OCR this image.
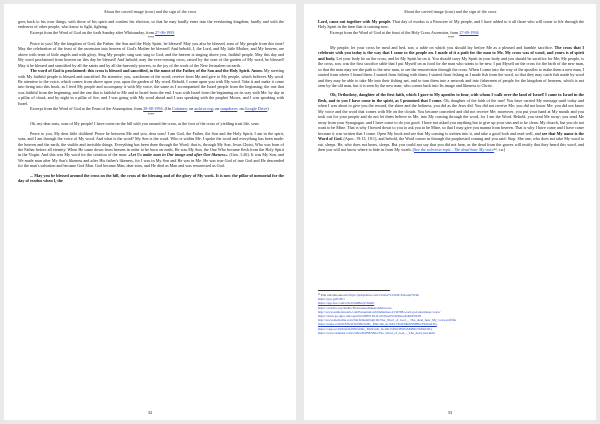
About the carved image (icon) and the sign of the cross

goes back to his own things, with those of his spirit and crushes his election, so that he may hardly enter into the everlasting kingdom; hardly and with the endeavor of other people, who know to fight, fighting.

Excerpt from the Word of God on the forth Sunday after Whitsunday, from 27-06-1993

***

Peace to you! My the kingdom of God, the Father, the Son and the Holy Spirit, be blessed! May you also be blessed, sons of My people from this time! May the celebration of the feast of the ascension into heaven of God's Mother be blessed! And behold, I, the Lord, and My little Mother, and My heaven, are above with tents of little angels and with glory. Sing My people; sing son; sing to God; and the heaven is singing above you, faithful people. May this day and My word proclaimed from heaven on this day be blessed! And behold, may the ever-coming cross, raised by the sons of the garden of My word, be blessed! May it be blessed and sanctified by all the saints and by all the heavenly powers, to the joy of the work of the New Jerusalem on earth.

The word of God is proclaimed: this cross is blessed and sanctified, in the name of the Father, of the Son and the Holy Spirit. Amen. My meeting with My faithful people is blessed and sanctified. Be attentive, you, watchmen of the word; receive from Me and give to My people, which believes My word. Be attentive to the voice, which comes from above upon you, upon the garden of My word. Behold, I come upon you with My word. Take it and make it come into being into this book, as I feed My people and accompany it with My voice, the same as I accompanied the Israel people from the beginning; the one that was faithful from the beginning, and the one that is faithful to Me and to Israel from the end. I was with Israel from the beginning on its way with Me: by day in a pillar of cloud, and by night in a pillar of fire, and I was going with My word ahead and I was speaking with the prophet Moses, and I was speaking with Israel.

Excerpt from the Word of God at the Feast of the Assumption, from 28-08-1994. (On Calameo; on archive.org; on sunpdrave; on Google Drive)

***

Oh, my dear sons, sons of My people! I have come on the hill with you around the cross, at the foot of the cross of yielding trust life, sons.

Peace to you, My dear little children! Peace be between Me and you, dear sons! I am God, the Father, the Son and the Holy Spirit; I am in the spirit, sons, and I am through the voice of My word. And what is the word? My Son is the word. Who is within Me. I spoke the word and everything has been made: the heaven and the earth, the visible and invisible things. Everything has been done through the Word, that is, through My Son, Jesus Christ, Who was born of the Father before all eternity. When He came down from heaven in order to be born on earth, He was My Son, the One Who became flesh from the Holy Spirit in the Virgin. And this was My word for the creation of the man: «Let Us make man in Our image and after Our likeness». (Gen. 1:26). It was My Son, and We made man after My Son's likeness and after His father's likeness, for I was in My Son and He was in Me. He was true God of true God and He descended for the man's salvation and became God Man. God became Man, dear sons, and He died as Man and was resurrected as God.

... May you be blessed around the cross on the hill, the cross of the blessing and of the glory of My work. It is now the pillar of memorial for the day of exodus when I, the

32
About the carved image (icon) and the sign of the cross

Lord, came out together with My people. That day of exodus is a Passover of My people, and I have added to it all those who will come to life through the Holy Spirit in the time that is coming now.

Excerpt from the Word of God at the feast of the Holy Cross Ascension, from 27-09-1994

***

My people, let your cross be meal and bed, son; a table on which you should lay before Me as a pleased and humble sacrifice. The cross that I celebrate with you today is the way that I came to the people on. I made of it a path for the man to Me. My cross was of wood, and yours is of spirit and body. Let your body be on the cross, and let My Spirit be on it. You should carry My Spirit in your body and you should be sacrifice for Me; My people, is the cross, son, was the first sacrifice table that I put Myself on as food for the man who wants to be new. I put Myself on the cross for the birth of the new man, so that the man may see the path to the new man, to see the resurrection through the cross. When I came into the way of the apostles to make them a new man, I started from where I found them. I started from fishing with them; I started from fishing as I made fish from the word, so that they may catch fish made by word and they may be able to take Me into their fishing net, and to turn them into a network and into fishermen of people for the kingdom of heavens, which is not seen by the old man, but it is seen by the new man, who comes back into Its image and likeness to Christ.

Oh, Orthodoxy, daughter of the first faith, which I gave to My apostles to bear, with whom I walk over the land of Israel! I came to Israel in the flesh, and to you I have come in the spirit, as I promised that I come. Oh, daughter of the faith of the true! You have carried My message until today and when I was about to give you the reward, the shine and the holiness, you did as the Jews did. You did not receive Me; you did not know Me: you did not know My voice and the word that comes with Me on the clouds. You became conceited and did not receive Me; moreover, you put your hand at My mouth and you took out for your people and do not let them believe in Me, into My coming through the word, for I am the Word. Behold, you send Me away; you send Me away from your Synagogue, and I have come to do you good. I have not asked you anything but to give up your sins and to be clean. My church, but you do not want to be Mine. That is why I bowed down to you to ask you to be Mine, so that I may give you manna from heaven. That is why I have come and I have come because it was written that I come. Open My book and see that My coming is written into it, and take a good look and read well, and see that My name is the Word of God. (Apoc. 19:13, 18:1), and behold, the Word comes in through the prophesied coming and you said: Stop. She one, who does not take My word to eat, sleeps. He, who does not hears, sleeps. But you could not say that you did not hear, as the dead from the graves will testify that they heard this word, and then you will not know where to hide in from My wrath. (See the selection topic . The dead hear My voice¹², r.n.)

¹² You can also see on: https://jumpshare.com/v/kuGZV22Z0LXbGqm7W4b
https://goo.gl/fG8Cr
https://app.box.com/s/9c2r5n9Bu2yvfla6fr
https://archive.org/details/ThatwedeadishearoMstsvoice
http://www.authorstream.com/Presentation/blindsumea-4134788-word-god-dead-hear-voice/
https://drive.google.com/open?id=0B0Y3lx1LuW9weLVOZ0ntwdbRZE9LTE
http://www.mediafire.com/file/6rbkdz0rdg10n/The_Word_of_God_-_The_dead_hear_My_voice.pdf/file
https://issuu.com/0183f2xf2kf3Ek5xMo_M9rcnK_m-XK15Yu0c8MStSMBhvT0ZhiOTrq
https://onga.so/0182ef2kf3Ek5xMo_Ma9rcnK_m-XK15Yu0c8MStSMBhvT0ZhiOTrq
https://www.4shared.com/s/rfKsr8z0NE5Baa/The_Word_of_God_-_The_dead_hea.html
33
